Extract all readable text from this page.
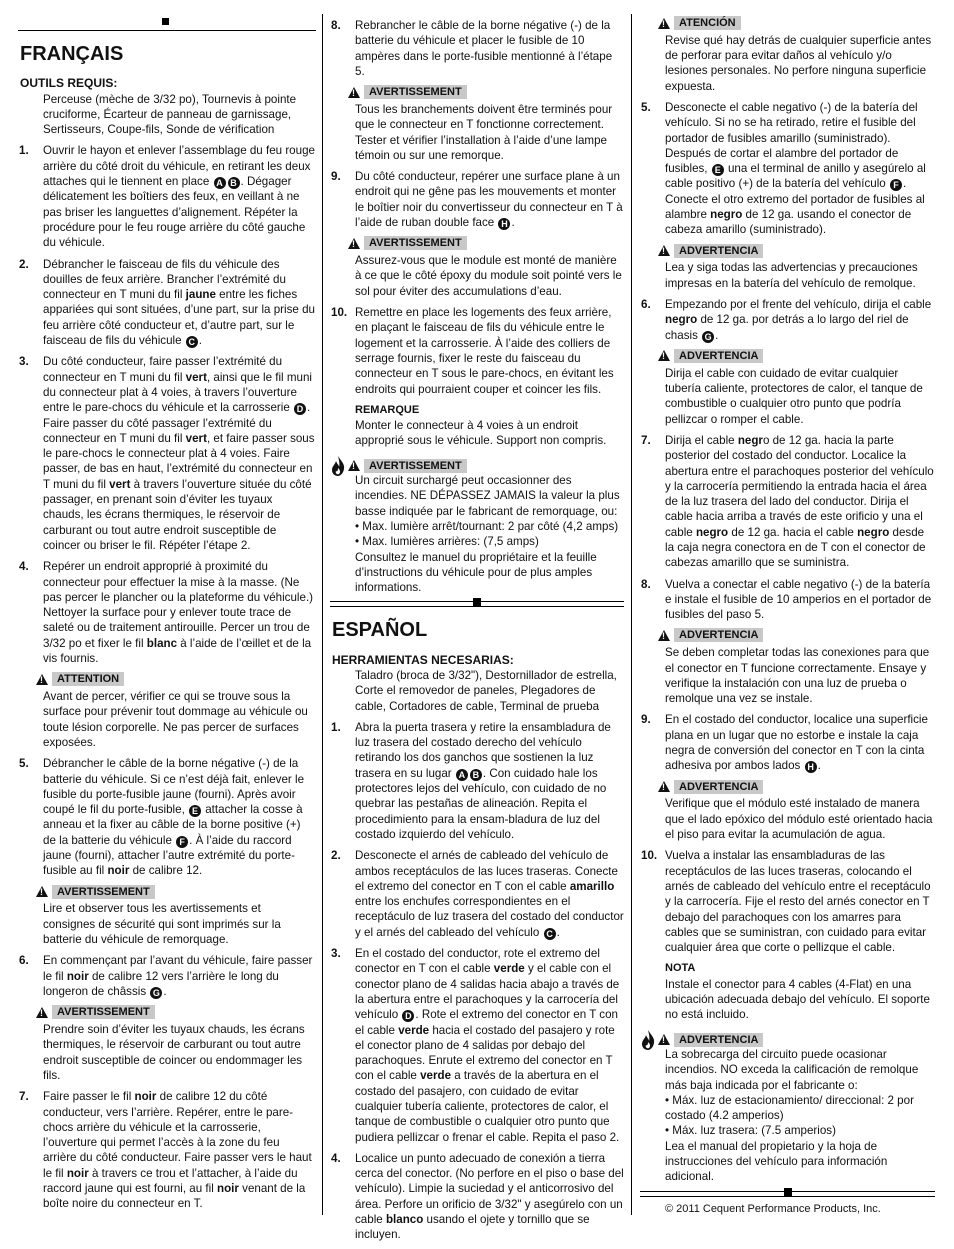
FRANÇAIS
OUTILS REQUIS:
Perceuse (mèche de 3/32 po), Tournevis à pointe cruciforme, Écarteur de panneau de garnissage, Sertisseurs, Coupe-fils, Sonde de vérification
1. Ouvrir le hayon et enlever l’assemblage du feu rouge arrière du côté droit du véhicule, en retirant les deux attaches qui le tiennent en place A B . Dégager délicatement les boîtiers des feux, en veillant à ne pas briser les languettes d’alignement. Répéter la procédure pour le feu rouge arrière du côté gauche du véhicule.
2. Débrancher le faisceau de fils du véhicule des douilles de feux arrière. Brancher l’extrémité du connecteur en T muni du fil jaune entre les fiches appariées qui sont situées, d’une part, sur la prise du feu arrière côté conducteur et, d’autre part, sur le faisceau de fils du véhicule C .
3. Du côté conducteur, faire passer l’extrémité du connecteur en T muni du fil vert, ainsi que le fil muni du connecteur plat à 4 voies, à travers l’ouverture entre le pare-chocs du véhicule et la carrosserie D . Faire passer du côté passager l’extrémité du connecteur en T muni du fil vert, et faire passer sous le pare-chocs le connecteur plat à 4 voies. Faire passer, de bas en haut, l’extrémité du connecteur en T muni du fil vert à travers l’ouverture située du côté passager, en prenant soin d’éviter les tuyaux chauds, les écrans thermiques, le réservoir de carburant ou tout autre endroit susceptible de coincer ou briser le fil. Répéter l’étape 2.
4. Repérer un endroit approprié à proximité du connecteur pour effectuer la mise à la masse. (Ne pas percer le plancher ou la plateforme du véhicule.) Nettoyer la surface pour y enlever toute trace de saleté ou de traitement antirouille. Percer un trou de 3/32 po et fixer le fil blanc à l’aide de l’œillet et de la vis fournis.
!
ATTENTION
Avant de percer, vérifier ce qui se trouve sous la surface pour prévenir tout dommage au véhicule ou toute lésion corporelle. Ne pas percer de surfaces exposées.
5. Débrancher le câble de la borne négative (-) de la batterie du véhicule. Si ce n’est déjà fait, enlever le fusible du porte-fusible jaune (fourni). Après avoir coupé le fil du porte-fusible, E attacher la cosse à anneau et la fixer au câble de la borne positive (+) de la batterie du véhicule F . À l’aide du raccord jaune (fourni), attacher l’autre extrémité du porte-fusible au fil noir de calibre 12.
!
AVERTISSEMENT
Lire et observer tous les avertissements et consignes de sécurité qui sont imprimés sur la batterie du véhicule de remorquage.
6. En commençant par l’avant du véhicule, faire passer le fil noir de calibre 12 vers l’arrière le long du longeron de châssis G .
!
AVERTISSEMENT
Prendre soin d’éviter les tuyaux chauds, les écrans thermiques, le réservoir de carburant ou tout autre endroit susceptible de coincer ou endommager les fils.
7. Faire passer le fil noir de calibre 12 du côté conducteur, vers l’arrière. Repérer, entre le pare-chocs arrière du véhicule et la carrosserie, l’ouverture qui permet l’accès à la zone du feu arrière du côté conducteur. Faire passer vers le haut le fil noir à travers ce trou et l’attacher, à l’aide du raccord jaune qui est fourni, au fil noir venant de la boîte noire du connecteur en T.
8. Rebrancher le câble de la borne négative (-) de la batterie du véhicule et placer le fusible de 10 ampères dans le porte-fusible mentionné à l’étape 5.
!
AVERTISSEMENT
Tous les branchements doivent être terminés pour que le connecteur en T fonctionne correctement. Tester et vérifier l’installation à l’aide d’une lampe témoin ou sur une remorque.
9. Du côté conducteur, repérer une surface plane à un endroit qui ne gêne pas les mouvements et monter le boîtier noir du convertisseur du connecteur en T à l’aide de ruban double face H .
!
AVERTISSEMENT
Assurez-vous que le module est monté de manière à ce que le côté époxy du module soit pointé vers le sol pour éviter des accumulations d’eau.
10. Remettre en place les logements des feux arrière, en plaçant le faisceau de fils du véhicule entre le logement et la carrosserie. À l’aide des colliers de serrage fournis, fixer le reste du faisceau du connecteur en T sous le pare-chocs, en évitant les endroits qui pourraient couper et coincer les fils.
REMARQUE
Monter le connecteur à 4 voies à un endroit approprié sous le véhicule. Support non compris.
!
AVERTISSEMENT
Un circuit surchargé peut occasionner des incendies. NE DÉPASSEZ JAMAIS la valeur la plus basse indiquée par le fabricant de remorquage, ou:
• Max. lumière arrêt/tournant: 2 par côté (4,2 amps)
• Max. lumières arrières: (7,5 amps)
Consultez le manuel du propriétaire et la feuille d’instructions du véhicule pour de plus amples informations.
ESPAÑOL
HERRAMIENTAS NECESARIAS:
Taladro (broca de 3/32"), Destornillador de estrella, Corte el removedor de paneles, Plegadores de cable, Cortadores de cable, Terminal de prueba
1. Abra la puerta trasera y retire la ensambladura de luz trasera del costado derecho del vehículo retirando los dos ganchos que sostienen la luz trasera en su lugar A B . Con cuidado hale los protectores lejos del vehículo, con cuidado de no quebrar las pestañas de alineación. Repita el procedimiento para la ensam-bladura de luz del costado izquierdo del vehículo.
2. Desconecte el arnés de cableado del vehículo de ambos receptáculos de las luces traseras. Conecte el extremo del conector en T con el cable amarillo entre los enchufes correspondientes en el receptáculo de luz trasera del costado del conductor y el arnés del cableado del vehículo C .
3. En el costado del conductor, rote el extremo del conector en T con el cable verde y el cable con el conector plano de 4 salidas hacia abajo a través de la abertura entre el parachoques y la carrocería del vehículo D . Rote el extremo del conector en T con el cable verde hacia el costado del pasajero y rote el conector plano de 4 salidas por debajo del parachoques. Enrute el extremo del conector en T con el cable verde a través de la abertura en el costado del pasajero, con cuidado de evitar cualquier tubería caliente, protectores de calor, el tanque de combustible o cualquier otro punto que pudiera pellizcar o frenar el cable. Repita el paso 2.
4. Localice un punto adecuado de conexión a tierra cerca del conector. (No perfore en el piso o base del vehículo). Limpie la suciedad y el anticorrosivo del área. Perfore un orificio de 3/32" y asegúrelo con un cable blanco usando el ojete y tornillo que se incluyen.
!
ATENCIÓN
Revise qué hay detrás de cualquier superficie antes de perforar para evitar daños al vehículo y/o lesiones personales. No perfore ninguna superficie expuesta.
5. Desconecte el cable negativo (-) de la batería del vehículo. Si no se ha retirado, retire el fusible del portador de fusibles amarillo (suministrado). Después de cortar el alambre del portador de fusibles, E una el terminal de anillo y asegúrelo al cable positivo (+) de la batería del vehículo F . Conecte el otro extremo del portador de fusibles al alambre negro de 12 ga. usando el conector de cabeza amarillo (suministrado).
!
ADVERTENCIA
Lea y siga todas las advertencias y precauciones impresas en la batería del vehículo de remolque.
6. Empezando por el frente del vehículo, dirija el cable negro de 12 ga. por detrás a lo largo del riel de chasis G .
!
ADVERTENCIA
Dirija el cable con cuidado de evitar cualquier tubería caliente, protectores de calor, el tanque de combustible o cualquier otro punto que podría pellizcar o romper el cable.
7. Dirija el cable negro de 12 ga. hacia la parte posterior del costado del conductor. Localice la abertura entre el parachoques posterior del vehículo y la carrocería permitiendo la entrada hacia el área de la luz trasera del lado del conductor. Dirija el cable hacia arriba a través de este orificio y una el cable negro de 12 ga. hacia el cable negro desde la caja negra conectora en de T con el conector de cabezas amarillo que se suministra.
8. Vuelva a conectar el cable negativo (-) de la batería e instale el fusible de 10 amperios en el portador de fusibles del paso 5.
!
ADVERTENCIA
Se deben completar todas las conexiones para que el conector en T funcione correctamente. Ensaye y verifique la instalación con una luz de prueba o remolque una vez se instale.
9. En el costado del conductor, localice una superficie plana en un lugar que no estorbe e instale la caja negra de conversión del conector en T con la cinta adhesiva por ambos lados H .
!
ADVERTENCIA
Verifique que el módulo esté instalado de manera que el lado epóxico del módulo esté orientado hacia el piso para evitar la acumulación de agua.
10. Vuelva a instalar las ensambladuras de las receptáculos de las luces traseras, colocando el arnés de cableado del vehículo entre el receptáculo y la carrocería. Fije el resto del arnés conector en T debajo del parachoques con los amarres para cables que se suministran, con cuidado para evitar cualquier área que corte o pellizque el cable.
NOTA
Instale el conector para 4 cables (4-Flat) en una ubicación adecuada debajo del vehículo. El soporte no está incluido.
!
ADVERTENCIA
La sobrecarga del circuito puede ocasionar incendios. NO exceda la calificación de remolque más baja indicada por el fabricante o:
• Máx. luz de estacionamiento/ direccional: 2 por costado (4.2 amperios)
• Máx. luz trasera: (7.5 amperios)
Lea el manual del propietario y la hoja de instrucciones del vehículo para información adicional.
© 2011 Cequent Performance Products, Inc.
